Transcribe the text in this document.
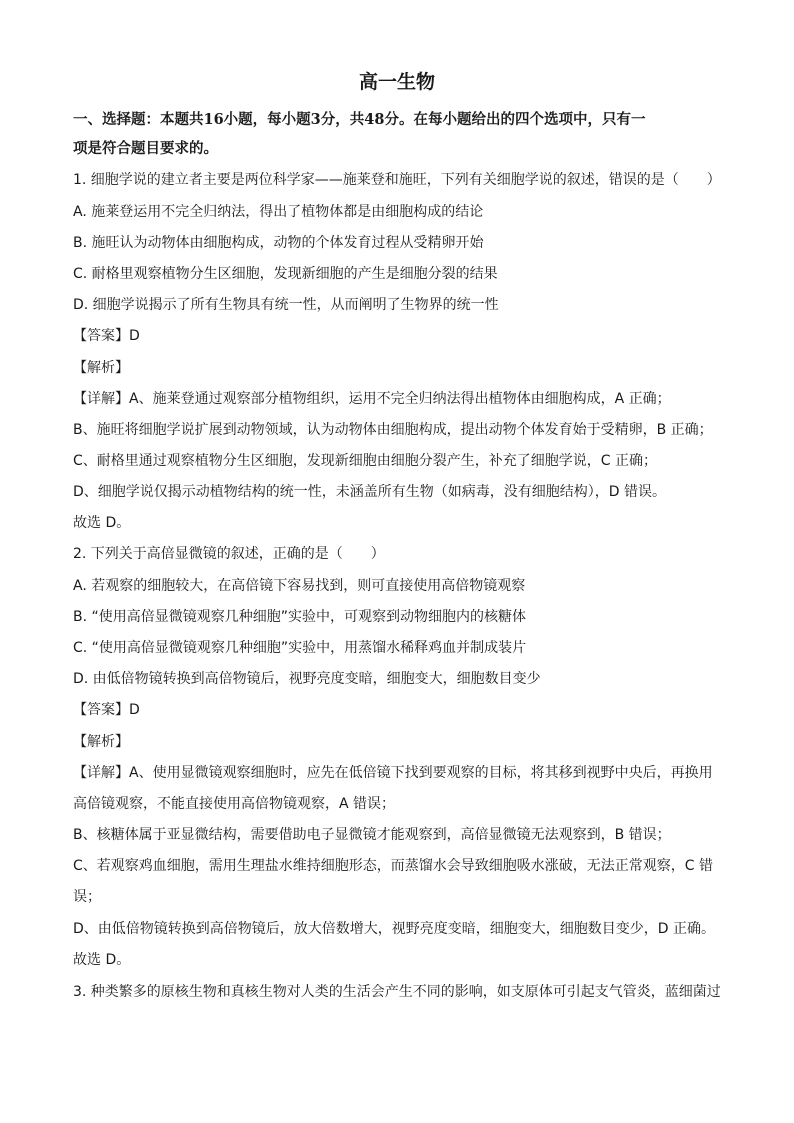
高一生物
一、选择题：本题共16小题，每小题3分，共48分。在每小题给出的四个选项中，只有一
项是符合题目要求的。
1. 细胞学说的建立者主要是两位科学家——施莱登和施旺，下列有关细胞学说的叙述，错误的是（　　）
A. 施莱登运用不完全归纳法，得出了植物体都是由细胞构成的结论
B. 施旺认为动物体由细胞构成，动物的个体发育过程从受精卵开始
C. 耐格里观察植物分生区细胞，发现新细胞的产生是细胞分裂的结果
D. 细胞学说揭示了所有生物具有统一性，从而阐明了生物界的统一性
【答案】D
【解析】
【详解】A、施莱登通过观察部分植物组织，运用不完全归纳法得出植物体由细胞构成，A 正确；
B、施旺将细胞学说扩展到动物领域，认为动物体由细胞构成，提出动物个体发育始于受精卵，B 正确；
C、耐格里通过观察植物分生区细胞，发现新细胞由细胞分裂产生，补充了细胞学说，C 正确；
D、细胞学说仅揭示动植物结构的统一性，未涵盖所有生物（如病毒，没有细胞结构），D 错误。
故选 D。
2. 下列关于高倍显微镜的叙述，正确的是（　　）
A. 若观察的细胞较大，在高倍镜下容易找到，则可直接使用高倍物镜观察
B. “使用高倍显微镜观察几种细胞”实验中，可观察到动物细胞内的核糖体
C. “使用高倍显微镜观察几种细胞”实验中，用蒸馏水稀释鸡血并制成装片
D. 由低倍物镜转换到高倍物镜后，视野亮度变暗，细胞变大，细胞数目变少
【答案】D
【解析】
【详解】A、使用显微镜观察细胞时，应先在低倍镜下找到要观察的目标，将其移到视野中央后，再换用
高倍镜观察，不能直接使用高倍物镜观察，A 错误；
B、核糖体属于亚显微结构，需要借助电子显微镜才能观察到，高倍显微镜无法观察到，B 错误；
C、若观察鸡血细胞，需用生理盐水维持细胞形态，而蒸馏水会导致细胞吸水涨破，无法正常观察，C 错
误；
D、由低倍物镜转换到高倍物镜后，放大倍数增大，视野亮度变暗，细胞变大，细胞数目变少，D 正确。
故选 D。
3. 种类繁多的原核生物和真核生物对人类的生活会产生不同的影响，如支原体可引起支气管炎，蓝细菌过
